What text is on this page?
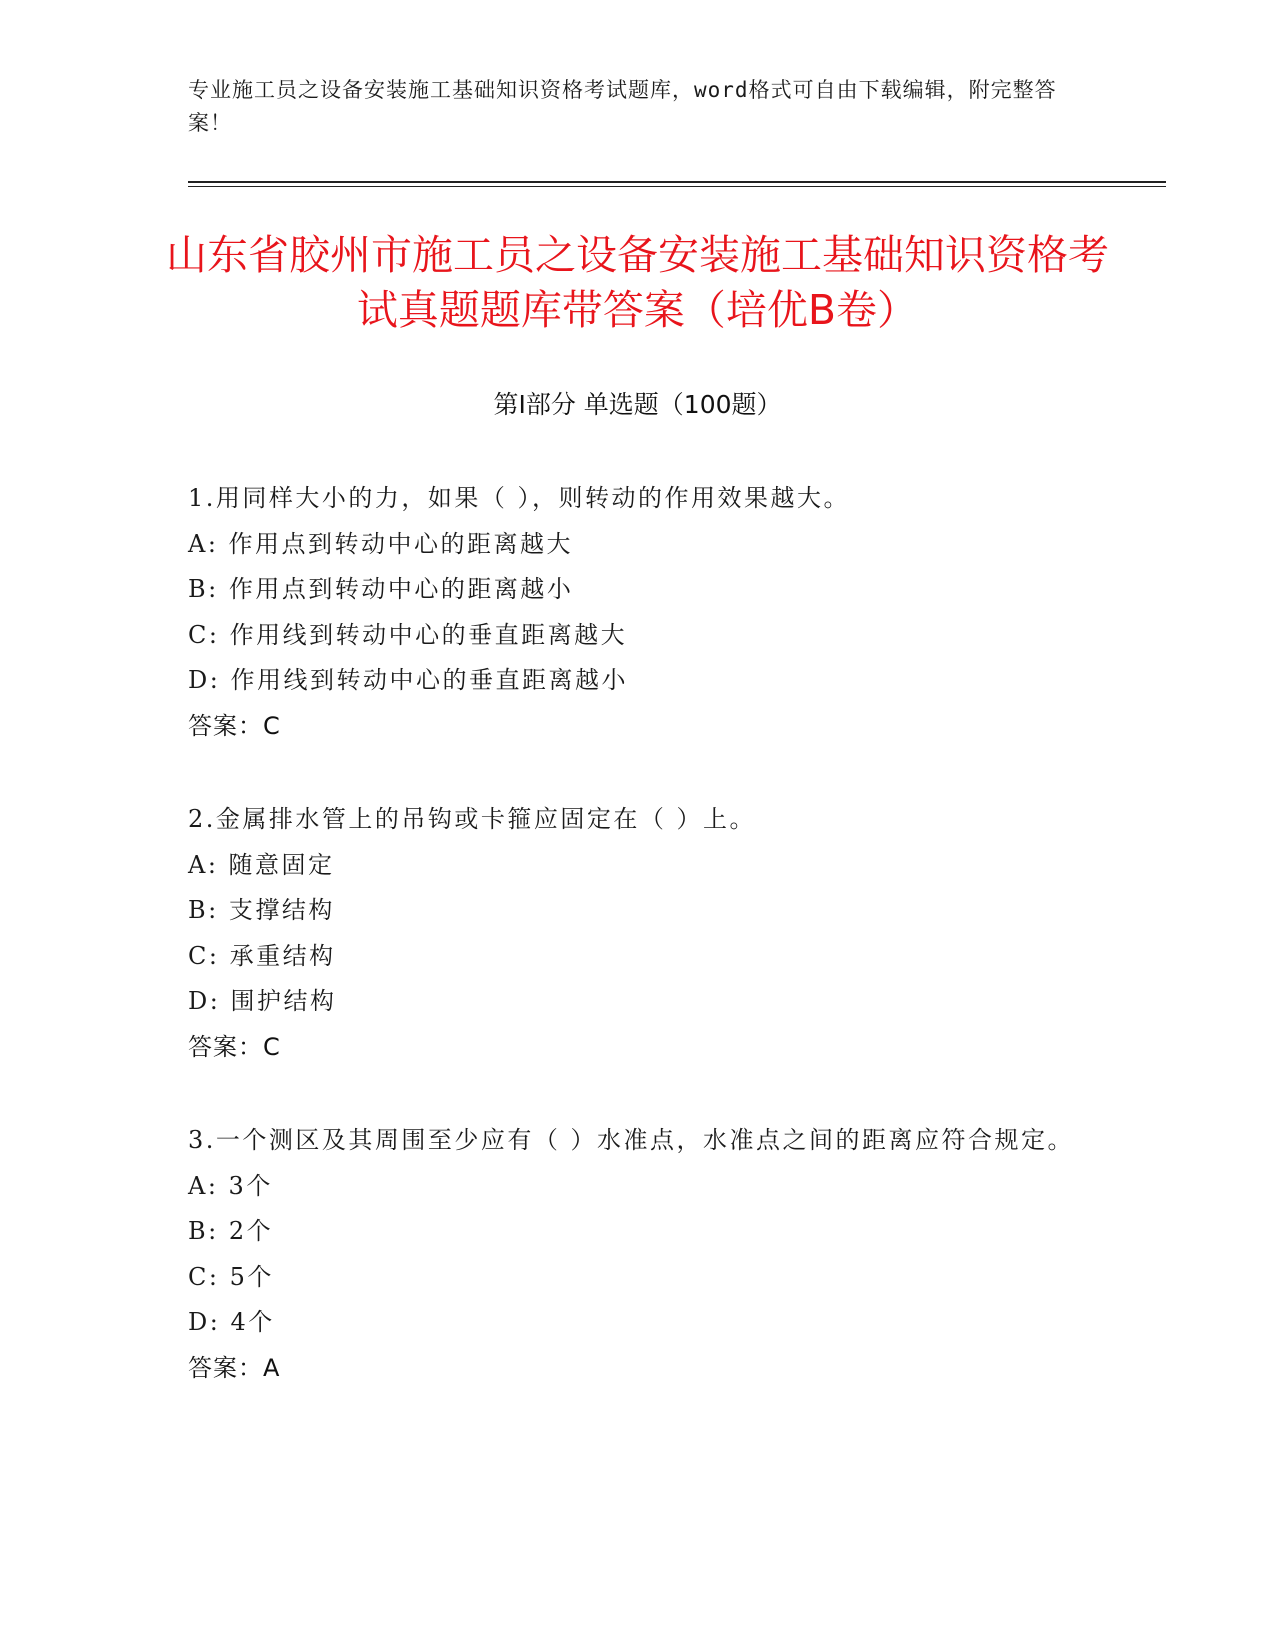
专业施工员之设备安装施工基础知识资格考试题库，word格式可自由下载编辑，附完整答案！
山东省胶州市施工员之设备安装施工基础知识资格考试真题题库带答案（培优B卷）
第Ⅰ部分 单选题（100题）
1.用同样大小的力，如果（ ），则转动的作用效果越大。
A: 作用点到转动中心的距离越大
B: 作用点到转动中心的距离越小
C: 作用线到转动中心的垂直距离越大
D: 作用线到转动中心的垂直距离越小
答案：C
2.金属排水管上的吊钩或卡箍应固定在（ ）上。
A: 随意固定
B: 支撑结构
C: 承重结构
D: 围护结构
答案：C
3.一个测区及其周围至少应有（ ）水准点，水准点之间的距离应符合规定。
A: 3个
B: 2个
C: 5个
D: 4个
答案：A
